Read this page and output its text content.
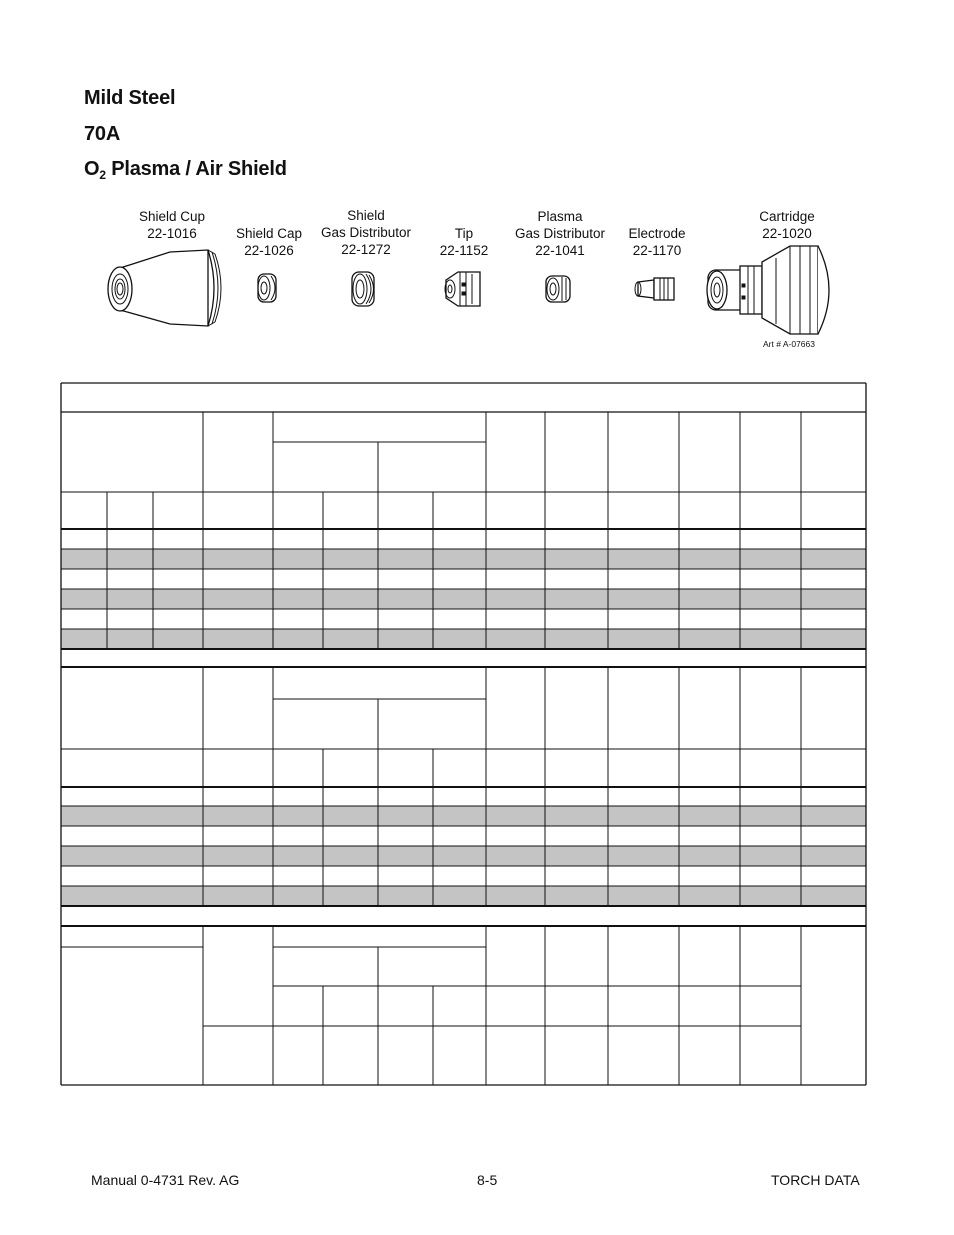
Mild Steel
70A
$O_2$ Plasma / Air Shield
Shield Cup
22-1016	Shield Cap
22-1026
Shield
Gas Distributor
22-1272
Tip
22-1152
Plasma
Gas Distributor
22-1041
Electrode
22-1170
Cartridge
22-1020
Art # A-07663
Manual 0-4731 Rev. AG	8-5	TORCH DATA
